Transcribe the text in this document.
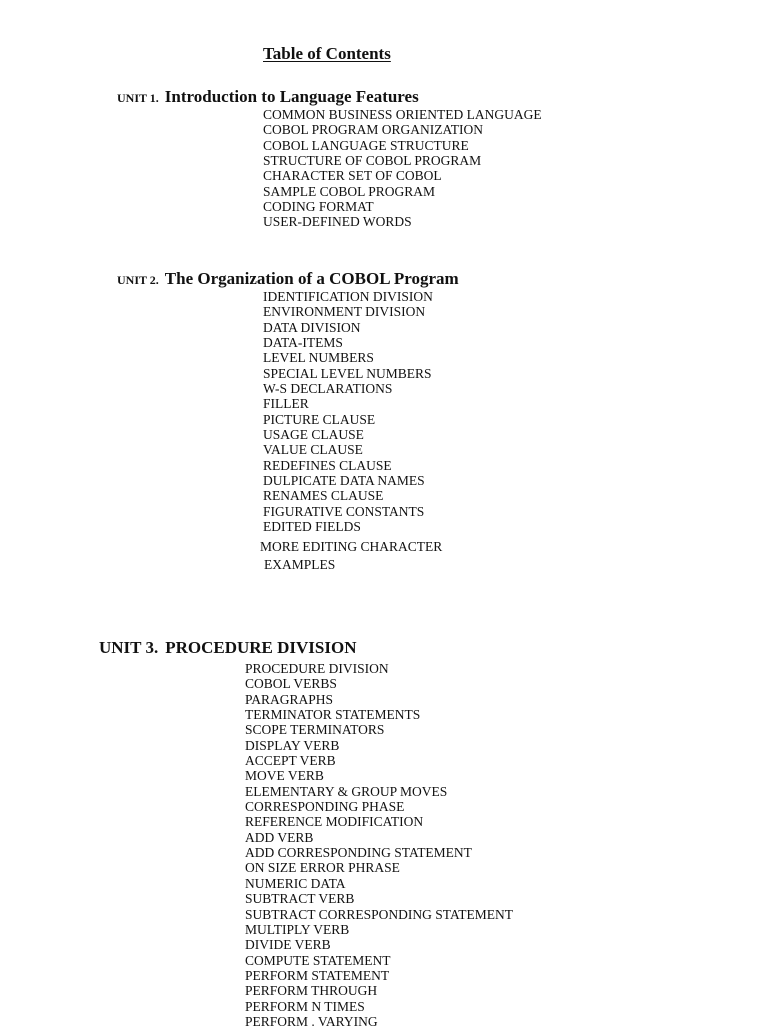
Table of Contents
UNIT 1. Introduction to Language Features
COMMON BUSINESS ORIENTED LANGUAGE
COBOL PROGRAM ORGANIZATION
COBOL LANGUAGE STRUCTURE
STRUCTURE OF COBOL PROGRAM
CHARACTER SET OF COBOL
SAMPLE COBOL PROGRAM
CODING FORMAT
USER-DEFINED WORDS
UNIT 2. The Organization of a COBOL Program
IDENTIFICATION DIVISION
ENVIRONMENT DIVISION
DATA DIVISION
DATA-ITEMS
LEVEL NUMBERS
SPECIAL LEVEL NUMBERS
W-S DECLARATIONS
FILLER
PICTURE CLAUSE
USAGE CLAUSE
VALUE CLAUSE
REDEFINES CLAUSE
DULPICATE DATA NAMES
RENAMES CLAUSE
FIGURATIVE CONSTANTS
EDITED FIELDS
MORE EDITING CHARACTER
EXAMPLES
UNIT 3. PROCEDURE DIVISION
PROCEDURE DIVISION
COBOL VERBS
PARAGRAPHS
TERMINATOR STATEMENTS
SCOPE TERMINATORS
DISPLAY VERB
ACCEPT VERB
MOVE VERB
ELEMENTARY & GROUP MOVES
CORRESPONDING PHASE
REFERENCE MODIFICATION
ADD VERB
ADD CORRESPONDING STATEMENT
ON SIZE ERROR PHRASE
NUMERIC DATA
SUBTRACT VERB
SUBTRACT CORRESPONDING STATEMENT
MULTIPLY VERB
DIVIDE VERB
COMPUTE STATEMENT
PERFORM STATEMENT
PERFORM THROUGH
PERFORM N TIMES
PERFORM . VARYING
